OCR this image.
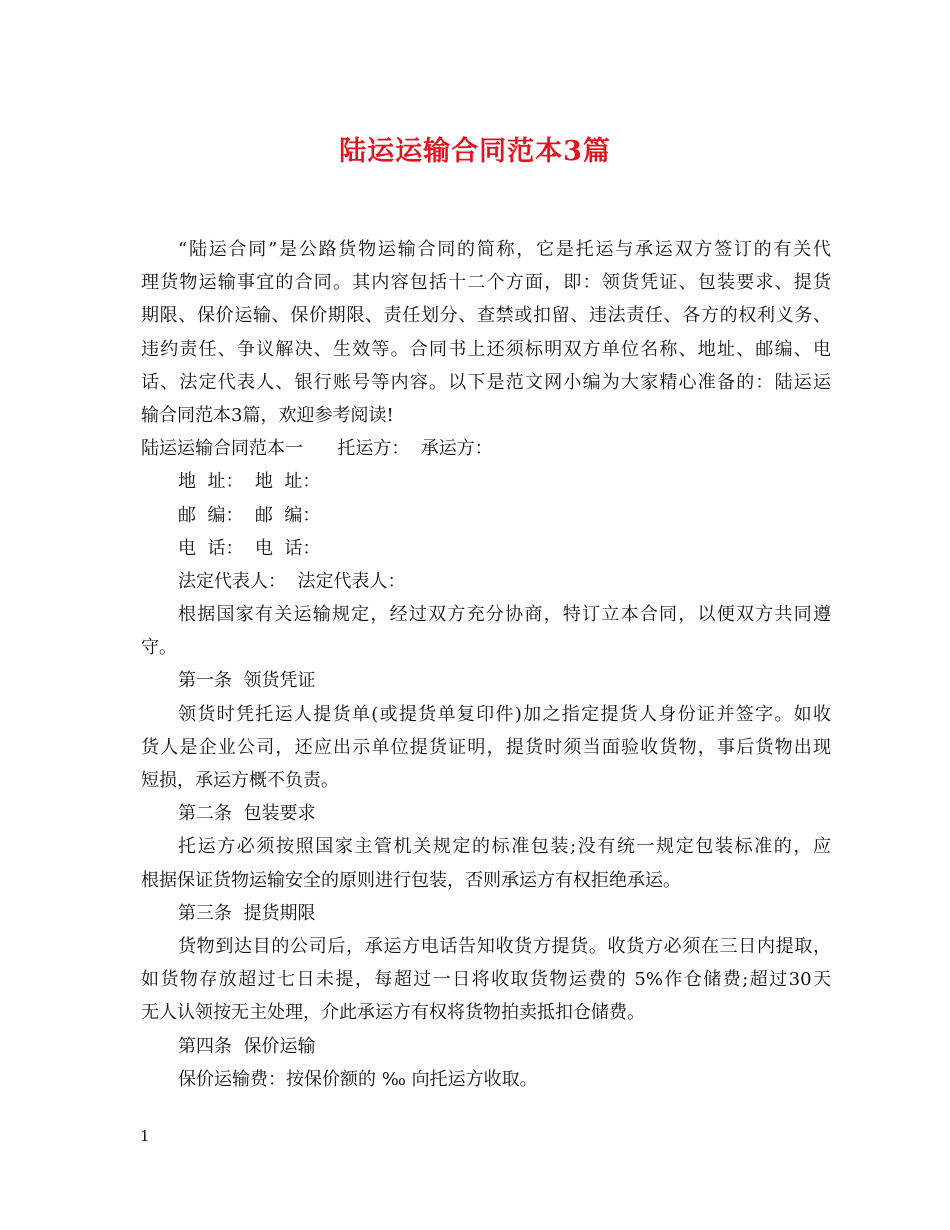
陆运运输合同范本3篇
“陆运合同”是公路货物运输合同的简称，它是托运与承运双方签订的有关代
理货物运输事宜的合同。其内容包括十二个方面，即：领货凭证、包装要求、提货
期限、保价运输、保价期限、责任划分、查禁或扣留、违法责任、各方的权利义务、
违约责任、争议解决、生效等。合同书上还须标明双方单位名称、地址、邮编、电
话、法定代表人、银行账号等内容。以下是范文网小编为大家精心准备的：陆运运
输合同范本3篇，欢迎参考阅读!
陆运运输合同范本一      托运方：  承运方：
地  址：  地  址：
邮  编：  邮  编：
电  话：  电  话：
法定代表人：  法定代表人：
根据国家有关运输规定，经过双方充分协商，特订立本合同，以便双方共同遵
守。
第一条  领货凭证
领货时凭托运人提货单(或提货单复印件)加之指定提货人身份证并签字。如收
货人是企业公司，还应出示单位提货证明，提货时须当面验收货物，事后货物出现
短损，承运方概不负责。
第二条  包装要求
托运方必须按照国家主管机关规定的标准包装;没有统一规定包装标准的，应
根据保证货物运输安全的原则进行包装，否则承运方有权拒绝承运。
第三条  提货期限
货物到达目的公司后，承运方电话告知收货方提货。收货方必须在三日内提取，
如货物存放超过七日未提，每超过一日将收取货物运费的 5%作仓储费;超过30天
无人认领按无主处理，介此承运方有权将货物拍卖抵扣仓储费。
第四条  保价运输
保价运输费：按保价额的 ‰ 向托运方收取。
1
